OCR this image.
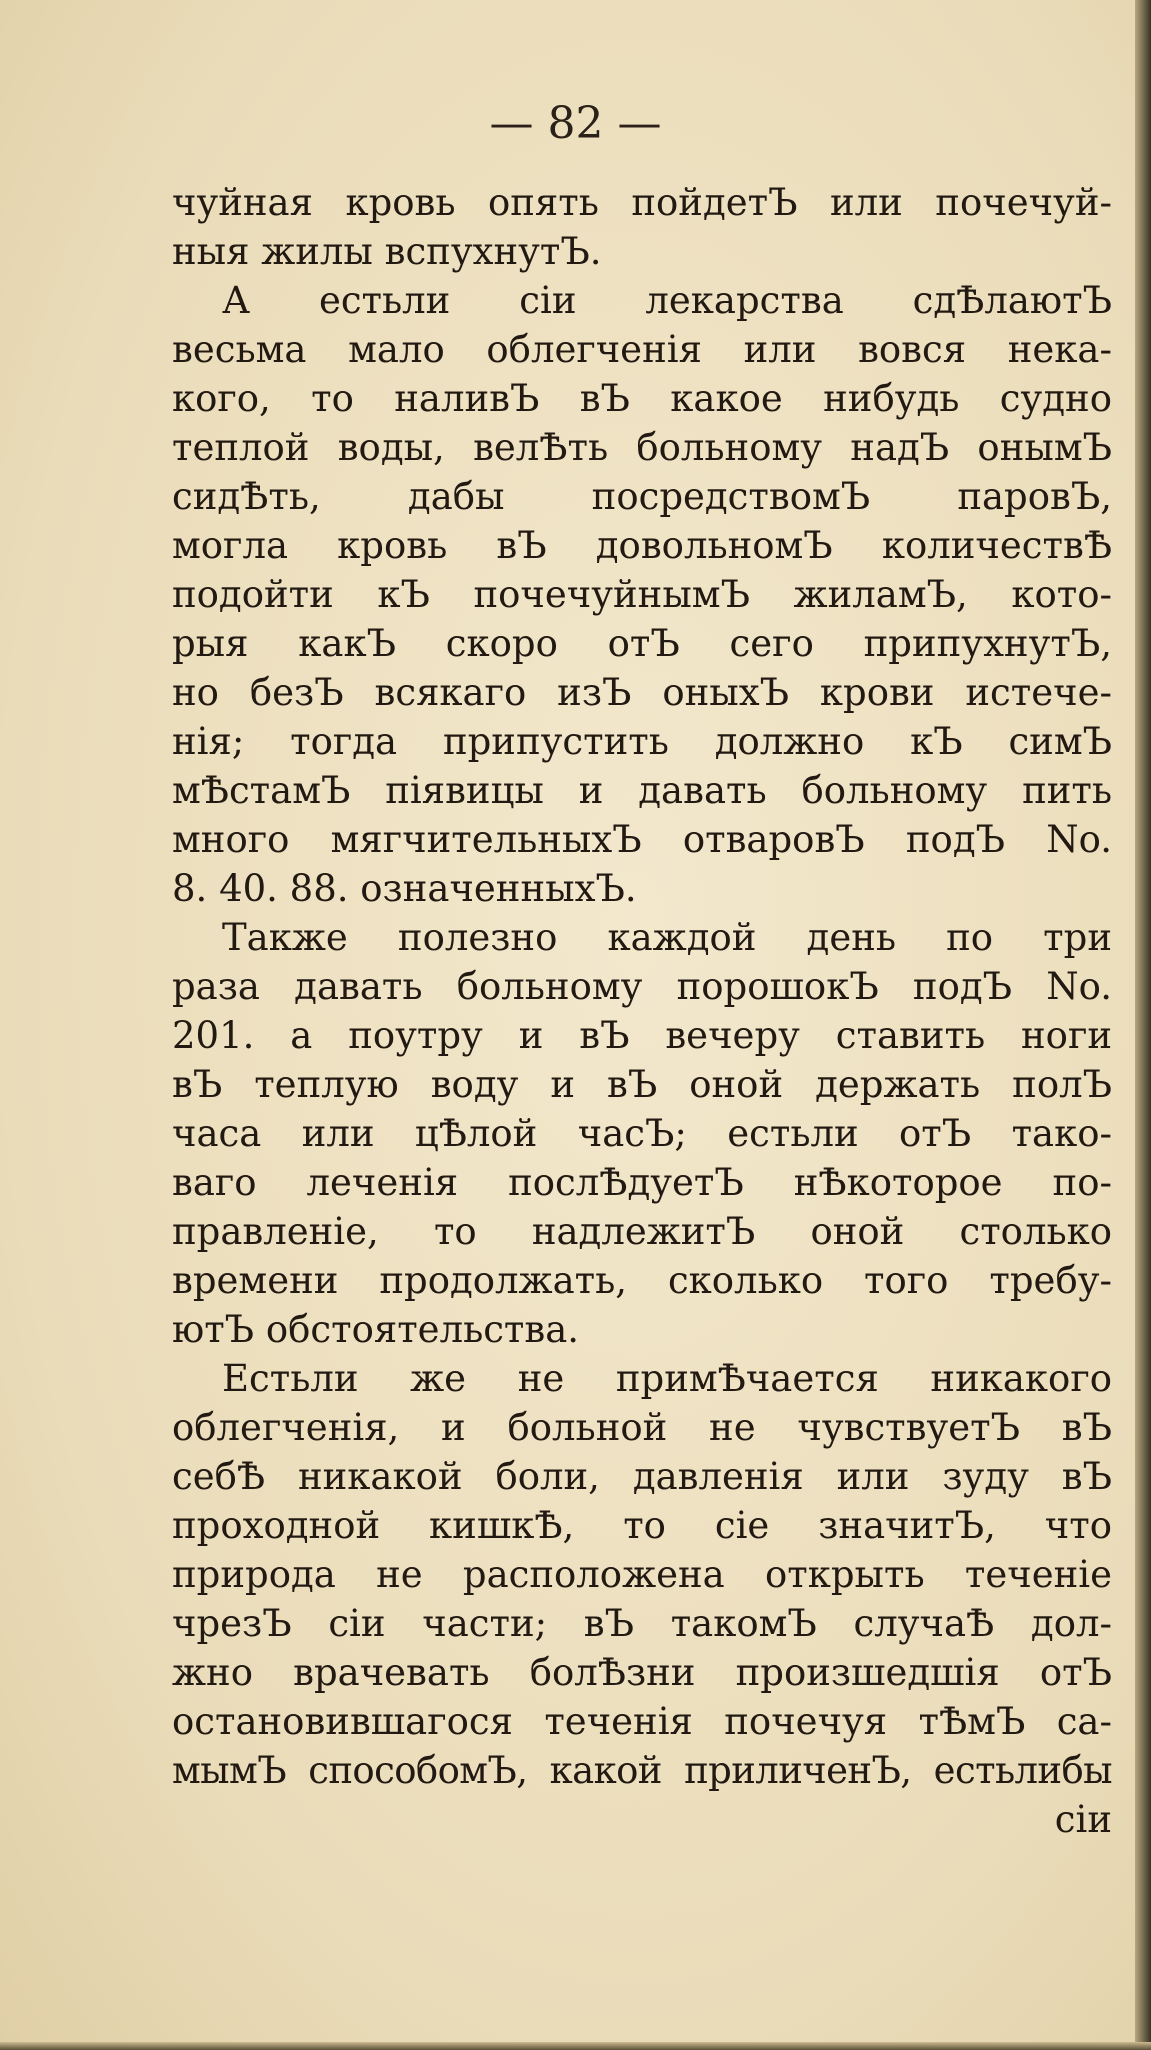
— 82 —
чуйная кровь опять пойдетЪ или почечуй-
ныя жилы вспухнутЪ.
А естьли сіи лекарства сдѢлаютЪ
весьма мало облегченія или вовся нека-
кого, то наливЪ вЪ какое нибудь судно
теплой воды, велѢть больному надЪ онымЪ
сидѢть, дабы посредствомЪ паровЪ,
могла кровь вЪ довольномЪ количествѢ
подойти кЪ почечуйнымЪ жиламЪ, кото-
рыя какЪ скоро отЪ сего припухнутЪ,
но безЪ всякаго изЪ оныхЪ крови истече-
нія; тогда припустить должно кЪ симЪ
мѢстамЪ піявицы и давать больному пить
много мягчительныхЪ отваровЪ подЪ No.
8. 40. 88. означенныхЪ.
Также полезно каждой день по три
раза давать больному порошокЪ подЪ No.
201. а поутру и вЪ вечеру ставить ноги
вЪ теплую воду и вЪ оной держать полЪ
часа или цѢлой часЪ; естьли отЪ тако-
ваго леченія послѢдуетЪ нѢкоторое по-
правленіе, то надлежитЪ оной столько
времени продолжать, сколько того требу-
ютЪ обстоятельства.
Естьли же не примѢчается никакого
облегченія, и больной не чувствуетЪ вЪ
себѢ никакой боли, давленія или зуду вЪ
проходной кишкѢ, то сіе значитЪ, что
природа не расположена открыть теченіе
чрезЪ сіи части; вЪ такомЪ случаѢ дол-
жно врачевать болѢзни произшедшія отЪ
остановившагося теченія почечуя тѢмЪ са-
мымЪ способомЪ, какой приличенЪ, естьлибы
сіи
